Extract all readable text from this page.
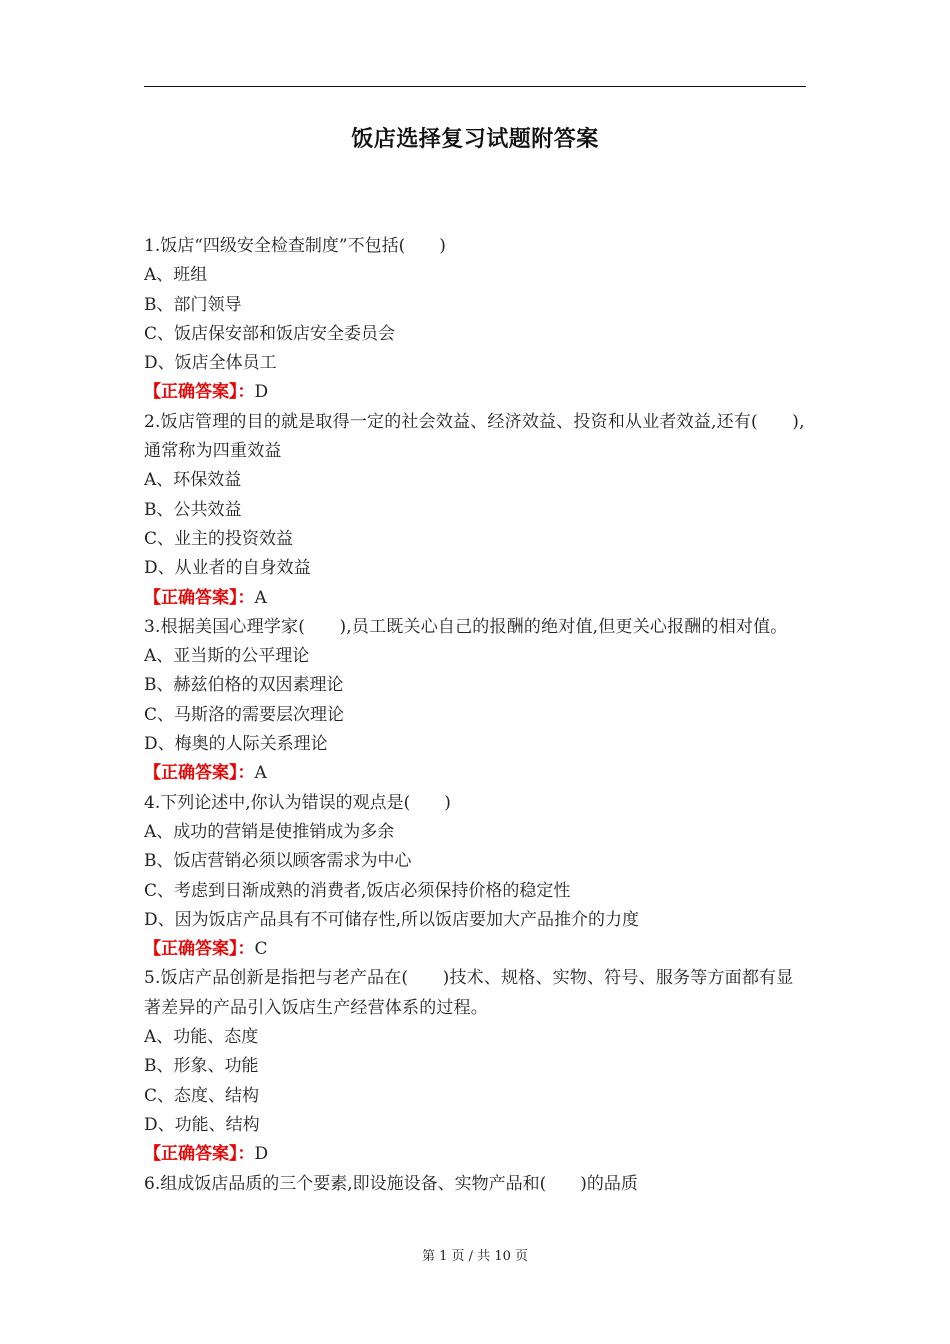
饭店选择复习试题附答案
1.饭店“四级安全检查制度”不包括(　　)
A、班组
B、部门领导
C、饭店保安部和饭店安全委员会
D、饭店全体员工
【正确答案】：D
2.饭店管理的目的就是取得一定的社会效益、经济效益、投资和从业者效益,还有(　　),通常称为四重效益
A、环保效益
B、公共效益
C、业主的投资效益
D、从业者的自身效益
【正确答案】：A
3.根据美国心理学家(　　),员工既关心自己的报酬的绝对值,但更关心报酬的相对值。
A、亚当斯的公平理论
B、赫兹伯格的双因素理论
C、马斯洛的需要层次理论
D、梅奥的人际关系理论
【正确答案】：A
4.下列论述中,你认为错误的观点是(　　)
A、成功的营销是使推销成为多余
B、饭店营销必须以顾客需求为中心
C、考虑到日渐成熟的消费者,饭店必须保持价格的稳定性
D、因为饭店产品具有不可储存性,所以饭店要加大产品推介的力度
【正确答案】：C
5.饭店产品创新是指把与老产品在(　　)技术、规格、实物、符号、服务等方面都有显著差异的产品引入饭店生产经营体系的过程。
A、功能、态度
B、形象、功能
C、态度、结构
D、功能、结构
【正确答案】：D
6.组成饭店品质的三个要素,即设施设备、实物产品和(　　)的品质
第 1 页 / 共 10 页
